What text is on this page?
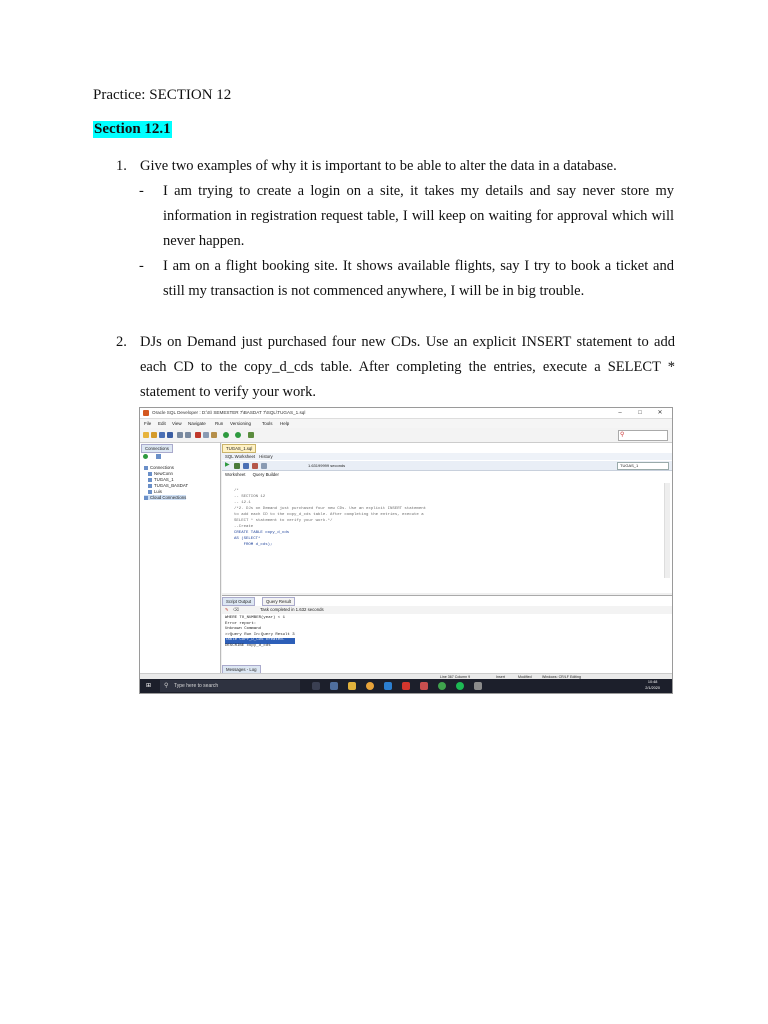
Practice: SECTION 12
Section 12.1
1. Give two examples of why it is important to be able to alter the data in a database.
- I am trying to create a login on a site, it takes my details and say never store my information in registration request table, I will keep on waiting for approval which will never happen.
- I am on a flight booking site. It shows available flights, say I try to book a ticket and still my transaction is not commenced anywhere, I will be in big trouble.
2. DJs on Demand just purchased four new CDs. Use an explicit INSERT statement to add each CD to the copy_d_cds table. After completing the entries, execute a SELECT * statement to verify your work.
Oracle SQL Developer : D:\S\ SEMESTER 7\BASDAT 7\SQL\TUGAS_1.sql	–	□	✕
File Edit View Navigate Run Versioning Tools Help
⚲
Connections
Connections
NewConn
TUGAS_1
TUGAS_BASDAT
Luis
Cloud Connections
TUGAS_1.sql
SQL Worksheet History
▶	1.63199999 seconds	TUGAS_1
Worksheet Query Builder
/*
-- SECTION 12
-- 12.1
/*2. DJs on Demand just purchased four new CDs. Use an explicit INSERT statement
to add each CD to the copy_d_cds table. After completing the entries, execute a
SELECT * statement to verify your work.*/
--Create
CREATE TABLE copy_d_cds
AS (SELECT*
FROM d_cds);
Script Output	Query Result
✎ ⌫	Task completed in 1.632 seconds
WHERE TO_NUMBER(year) < 1
Error report:
Unknown Command
>>Query Run In:Query Result 3
Table COPY_D_CDS created.
DESCRIBE copy_d_cds
Messages - Log
Line 367 Column 9	Insert	Modified	Windows: CR/LF Editing
⊞ ⚲ Type here to search
10:48
2/1/2020
